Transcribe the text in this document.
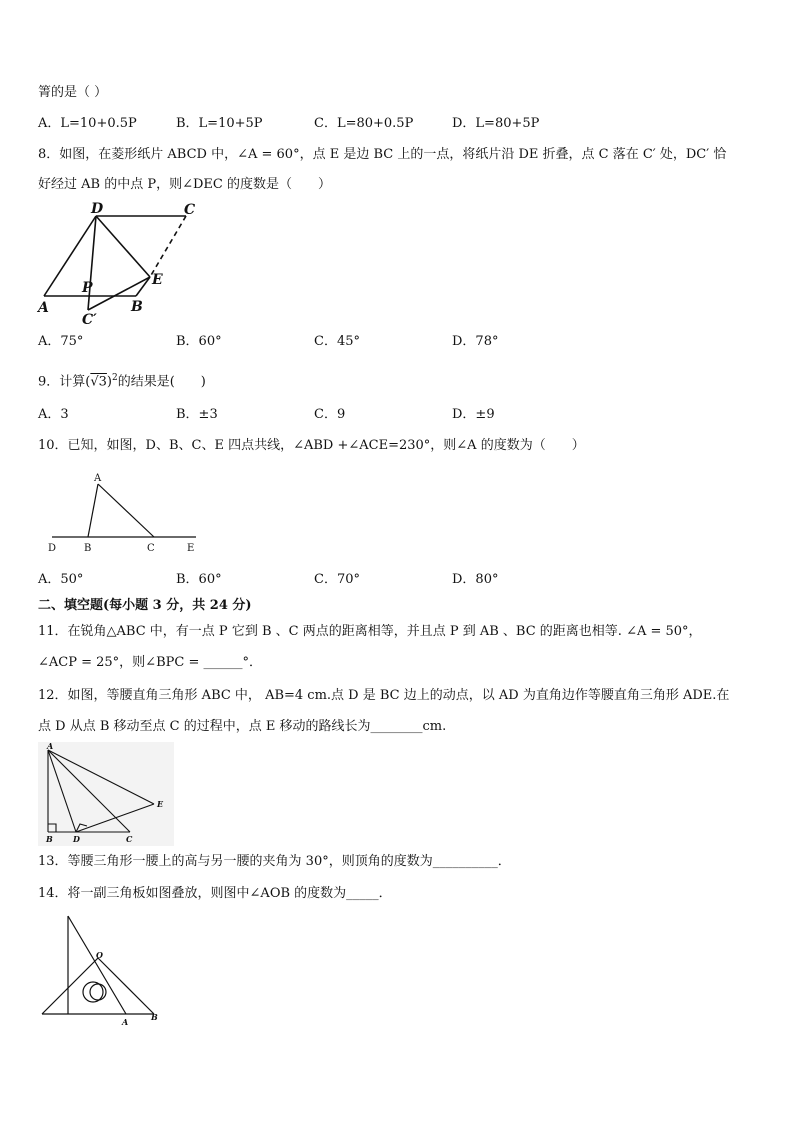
箐的是（ ）
A．L=10+0.5P	B．L=10+5P	C．L=80+0.5P	D．L=80+5P
8．如图，在菱形纸片 ABCD 中，∠A = 60°，点 E 是边 BC 上的一点，将纸片沿 DE 折叠，点 C 落在 C′ 处，DC′ 恰
好经过 AB 的中点 P，则∠DEC 的度数是（　　）
D	C
A
P
B
E
C′
A．75°	B．60°	C．45°	D．78°
9．计算$(√3)^2$的结果是(　　)
A．3	B．±3	C．9	D．±9
10．已知，如图，D、B、C、E 四点共线，∠ABD +∠ACE=230°，则∠A 的度数为（　　）
A
D	B	C	E
A．50°	B．60°	C．70°	D．80°
二、填空题(每小题 3 分，共 24 分)
11．在锐角△ABC 中，有一点 P 它到 B 、C 两点的距离相等，并且点 P 到 AB 、BC 的距离也相等. ∠A = 50°，
∠ACP = 25°，则∠BPC = ______°．
12．如图，等腰直角三角形 ABC 中， AB=4 cm.点 D 是 BC 边上的动点，以 AD 为直角边作等腰直角三角形 ADE.在
点 D 从点 B 移动至点 C 的过程中，点 E 移动的路线长为________cm.
A
B	D	C
E
13．等腰三角形一腰上的高与另一腰的夹角为 30°，则顶角的度数为__________．
14．将一副三角板如图叠放，则图中∠AOB 的度数为_____．
O
A	B
